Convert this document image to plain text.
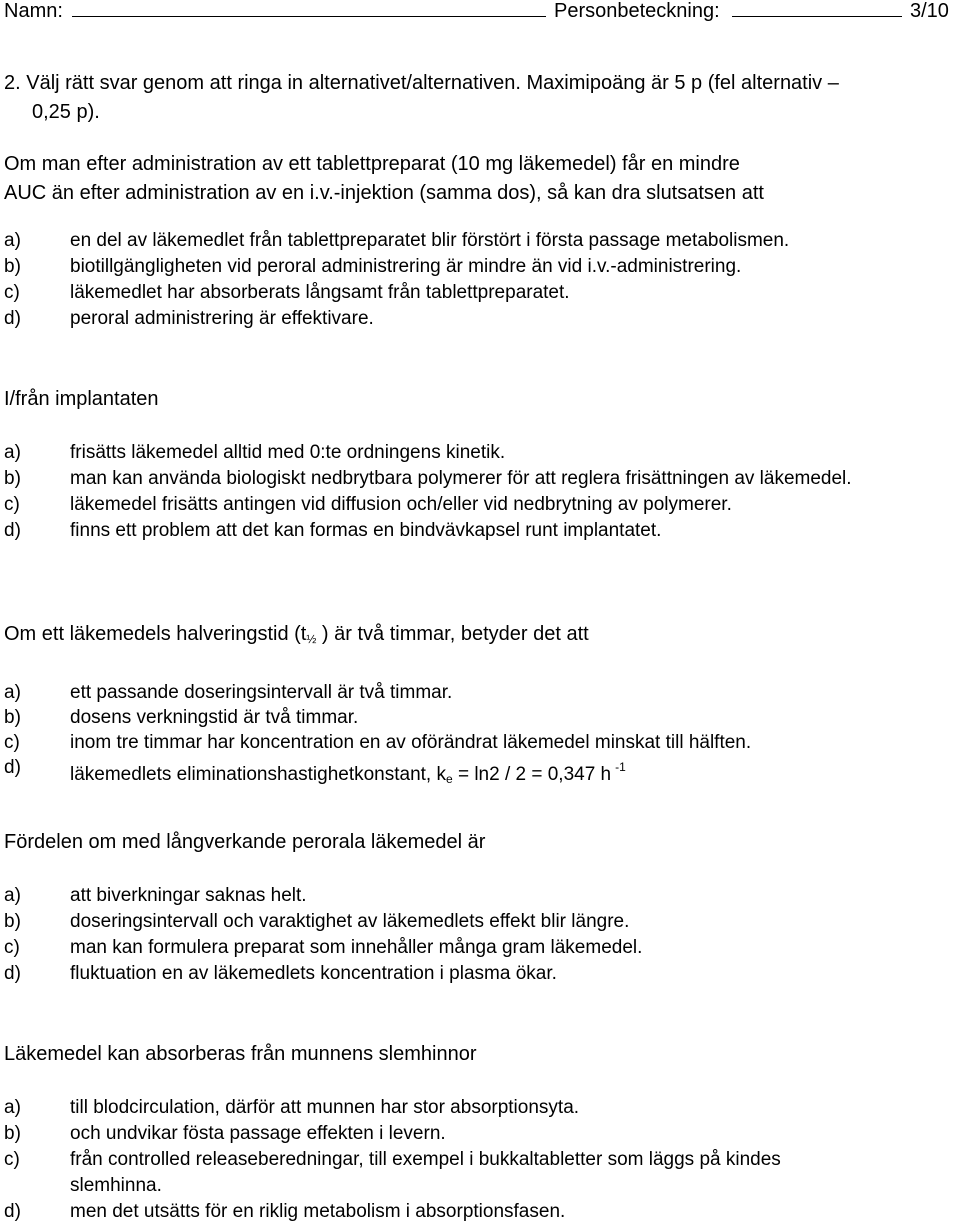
Namn:	Personbeteckning:	3/10

2. Välj rätt svar genom att ringa in alternativet/alternativen. Maximipoäng är 5 p (fel alternativ –

0,25 p).

Om man efter administration av ett tablettpreparat (10 mg läkemedel) får en mindre

AUC än efter administration av en i.v.-injektion (samma dos), så kan dra slutsatsen att

a)	en del av läkemedlet från tablettpreparatet blir förstört i första passage metabolismen.
b)	biotillgängligheten vid peroral administrering är mindre än vid i.v.-administrering.
c)	läkemedlet har absorberats långsamt från tablettpreparatet.
d)	peroral administrering är effektivare.

I/från implantaten

a)	frisätts läkemedel alltid med 0:te ordningens kinetik.
b)	man kan använda biologiskt nedbrytbara polymerer för att reglera frisättningen av läkemedel.
c)	läkemedel frisätts antingen vid diffusion och/eller vid nedbrytning av polymerer.
d)	finns ett problem att det kan formas en bindvävkapsel runt implantatet.

Om ett läkemedels halveringstid ($t_{\frac{1}{2}}$ ) är två timmar, betyder det att

a)	ett passande doseringsintervall är två timmar.
b)	dosens verkningstid är två timmar.
c)	inom tre timmar har koncentration en av oförändrat läkemedel minskat till hälften.
d)	läkemedlets eliminationshastighetkonstant, $k_e = \ln 2 / 2 = 0,347$ h $^{-1}$

Fördelen om med långverkande perorala läkemedel är

a)	att biverkningar saknas helt.
b)	doseringsintervall och varaktighet av läkemedlets effekt blir längre.
c)	man kan formulera preparat som innehåller många gram läkemedel.
d)	fluktuation en av läkemedlets koncentration i plasma ökar.

Läkemedel kan absorberas från munnens slemhinnor

a)	till blodcirculation, därför att munnen har stor absorptionsyta.
b)	och undvikar fösta passage effekten i levern.
c)	från controlled releaseberedningar, till exempel i bukkaltabletter som läggs på kindes slemhinna.
d)	men det utsätts för en riklig metabolism i absorptionsfasen.
